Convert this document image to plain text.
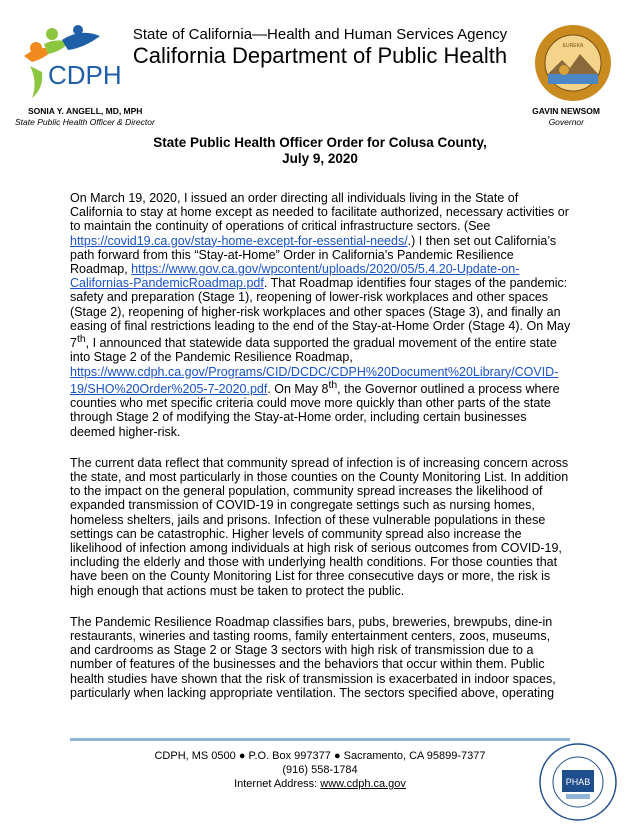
CDPH
State of California—Health and Human Services Agency
California Department of Public Health
SONIA Y. ANGELL, MD, MPH
State Public Health Officer & Director
EUREKA
GAVIN NEWSOM
Governor
State Public Health Officer Order for Colusa County,
July 9, 2020

On March 19, 2020, I issued an order directing all individuals living in the State of California to stay at home except as needed to facilitate authorized, necessary activities or to maintain the continuity of operations of critical infrastructure sectors. (See https://covid19.ca.gov/stay-home-except-for-essential-needs/.) I then set out California’s path forward from this “Stay-at-Home” Order in California’s Pandemic Resilience Roadmap, https://www.gov.ca.gov/wpcontent/uploads/2020/05/5.4.20-Update-on-Californias-PandemicRoadmap.pdf. That Roadmap identifies four stages of the pandemic: safety and preparation (Stage 1), reopening of lower-risk workplaces and other spaces (Stage 2), reopening of higher-risk workplaces and other spaces (Stage 3), and finally an easing of final restrictions leading to the end of the Stay-at-Home Order (Stage 4). On May 7th, I announced that statewide data supported the gradual movement of the entire state into Stage 2 of the Pandemic Resilience Roadmap, https://www.cdph.ca.gov/Programs/CID/DCDC/CDPH%20Document%20Library/COVID-19/SHO%20Order%205-7-2020.pdf. On May 8th, the Governor outlined a process where counties who met specific criteria could move more quickly than other parts of the state through Stage 2 of modifying the Stay-at-Home order, including certain businesses deemed higher-risk.

The current data reflect that community spread of infection is of increasing concern across the state, and most particularly in those counties on the County Monitoring List. In addition to the impact on the general population, community spread increases the likelihood of expanded transmission of COVID-19 in congregate settings such as nursing homes, homeless shelters, jails and prisons. Infection of these vulnerable populations in these settings can be catastrophic. Higher levels of community spread also increase the likelihood of infection among individuals at high risk of serious outcomes from COVID-19, including the elderly and those with underlying health conditions. For those counties that have been on the County Monitoring List for three consecutive days or more, the risk is high enough that actions must be taken to protect the public.

The Pandemic Resilience Roadmap classifies bars, pubs, breweries, brewpubs, dine-in restaurants, wineries and tasting rooms, family entertainment centers, zoos, museums, and cardrooms as Stage 2 or Stage 3 sectors with high risk of transmission due to a number of features of the businesses and the behaviors that occur within them. Public health studies have shown that the risk of transmission is exacerbated in indoor spaces, particularly when lacking appropriate ventilation. The sectors specified above, operating

CDPH, MS 0500 ● P.O. Box 997377 ● Sacramento, CA 95899-7377
(916) 558-1784
Internet Address: www.cdph.ca.gov	PHAB
